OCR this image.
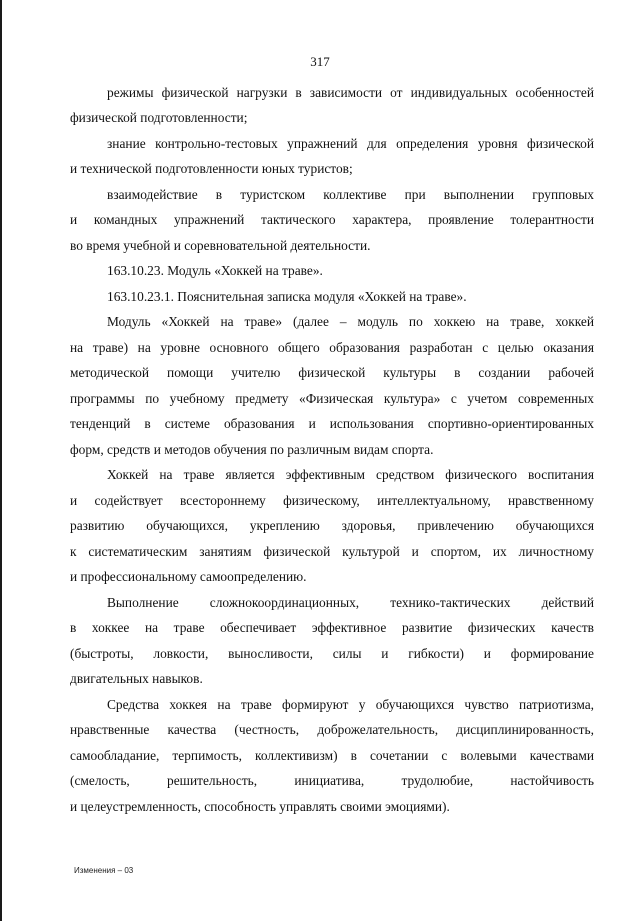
317
режимы физической нагрузки в зависимости от индивидуальных особенностей
физической подготовленности;
знание контрольно-тестовых упражнений для определения уровня физической
и технической подготовленности юных туристов;
взаимодействие в туристском коллективе при выполнении групповых
и командных упражнений тактического характера, проявление толерантности
во время учебной и соревновательной деятельности.
163.10.23. Модуль «Хоккей на траве».
163.10.23.1. Пояснительная записка модуля «Хоккей на траве».
Модуль «Хоккей на траве» (далее – модуль по хоккею на траве, хоккей
на траве) на уровне основного общего образования разработан с целью оказания
методической помощи учителю физической культуры в создании рабочей
программы по учебному предмету «Физическая культура» с учетом современных
тенденций в системе образования и использования спортивно-ориентированных
форм, средств и методов обучения по различным видам спорта.
Хоккей на траве является эффективным средством физического воспитания
и содействует всестороннему физическому, интеллектуальному, нравственному
развитию обучающихся, укреплению здоровья, привлечению обучающихся
к систематическим занятиям физической культурой и спортом, их личностному
и профессиональному самоопределению.
Выполнение сложнокоординационных, технико-тактических действий
в хоккее на траве обеспечивает эффективное развитие физических качеств
(быстроты, ловкости, выносливости, силы и гибкости) и формирование
двигательных навыков.
Средства хоккея на траве формируют у обучающихся чувство патриотизма,
нравственные качества (честность, доброжелательность, дисциплинированность,
самообладание, терпимость, коллективизм) в сочетании с волевыми качествами
(смелость, решительность, инициатива, трудолюбие, настойчивость
и целеустремленность, способность управлять своими эмоциями).
Изменения – 03
